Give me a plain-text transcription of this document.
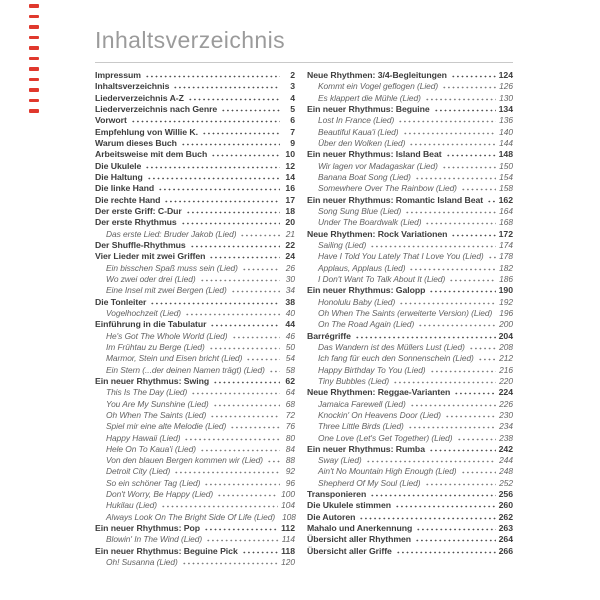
Inhaltsverzeichnis
Impressum	2
Inhaltsverzeichnis	3
Liederverzeichnis A-Z	4
Liederverzeichnis nach Genre	5
Vorwort	6
Empfehlung von Willie K.	7
Warum dieses Buch	9
Arbeitsweise mit dem Buch	10
Die Ukulele	12
Die Haltung	14
Die linke Hand	16
Die rechte Hand	17
Der erste Griff: C-Dur	18
Der erste Rhythmus	20
Das erste Lied: Bruder Jakob (Lied)	21
Der Shuffle-Rhythmus	22
Vier Lieder mit zwei Griffen	24
Ein bisschen Spaß muss sein (Lied)	26
Wo zwei oder drei (Lied)	30
Eine Insel mit zwei Bergen (Lied)	34
Die Tonleiter	38
Vogelhochzeit (Lied)	40
Einführung in die Tabulatur	44
He's Got The Whole World (Lied)	46
Im Frühtau zu Berge (Lied)	50
Marmor, Stein und Eisen bricht (Lied)	54
Ein Stern (...der deinen Namen trägt) (Lied)	58
Ein neuer Rhythmus: Swing	62
This Is The Day (Lied)	64
You Are My Sunshine (Lied)	68
Oh When The Saints (Lied)	72
Spiel mir eine alte Melodie (Lied)	76
Happy Hawaii (Lied)	80
Hele On To Kaua'i (Lied)	84
Von den blauen Bergen kommen wir (Lied)	88
Detroit City (Lied)	92
So ein schöner Tag (Lied)	96
Don't Worry, Be Happy (Lied)	100
Hukilau (Lied)	104
Always Look On The Bright Side Of Life (Lied) 108
Ein neuer Rhythmus: Pop	112
Blowin' In The Wind (Lied)	114
Ein neuer Rhythmus: Beguine Pick	118
Oh! Susanna (Lied)	120
Neue Rhythmen: 3/4-Begleitungen	124
Kommt ein Vogel geflogen (Lied)	126
Es klappert die Mühle (Lied)	130
Ein neuer Rhythmus: Beguine	134
Lost In France (Lied)	136
Beautiful Kaua'i (Lied)	140
Über den Wolken (Lied)	144
Ein neuer Rhythmus: Island Beat	148
Wir lagen vor Madagaskar (Lied)	150
Banana Boat Song (Lied)	154
Somewhere Over The Rainbow (Lied)	158
Ein neuer Rhythmus: Romantic Island Beat 162
Song Sung Blue (Lied)	164
Under The Boardwalk (Lied)	168
Neue Rhythmen: Rock Variationen	172
Sailing (Lied)	174
Have I Told You Lately That I Love You (Lied) 178
Applaus, Applaus (Lied)	182
I Don't Want To Talk About It (Lied)	186
Ein neuer Rhythmus: Galopp	190
Honolulu Baby (Lied)	192
Oh When The Saints (erweiterte Version) (Lied) 196
On The Road Again (Lied)	200
Barrégriffe	204
Das Wandern ist des Müllers Lust (Lied)	208
Ich fang für euch den Sonnenschein (Lied)	212
Happy Birthday To You (Lied)	216
Tiny Bubbles (Lied)	220
Neue Rhythmen: Reggae-Varianten	224
Jamaica Farewell (Lied)	226
Knockin' On Heavens Door (Lied)	230
Three Little Birds (Lied)	234
One Love (Let's Get Together) (Lied)	238
Ein neuer Rhythmus: Rumba	242
Sway (Lied)	244
Ain't No Mountain High Enough (Lied)	248
Shepherd Of My Soul (Lied)	252
Transponieren	256
Die Ukulele stimmen	260
Die Autoren	262
Mahalo und Anerkennung	263
Übersicht aller Rhythmen	264
Übersicht aller Griffe	266
